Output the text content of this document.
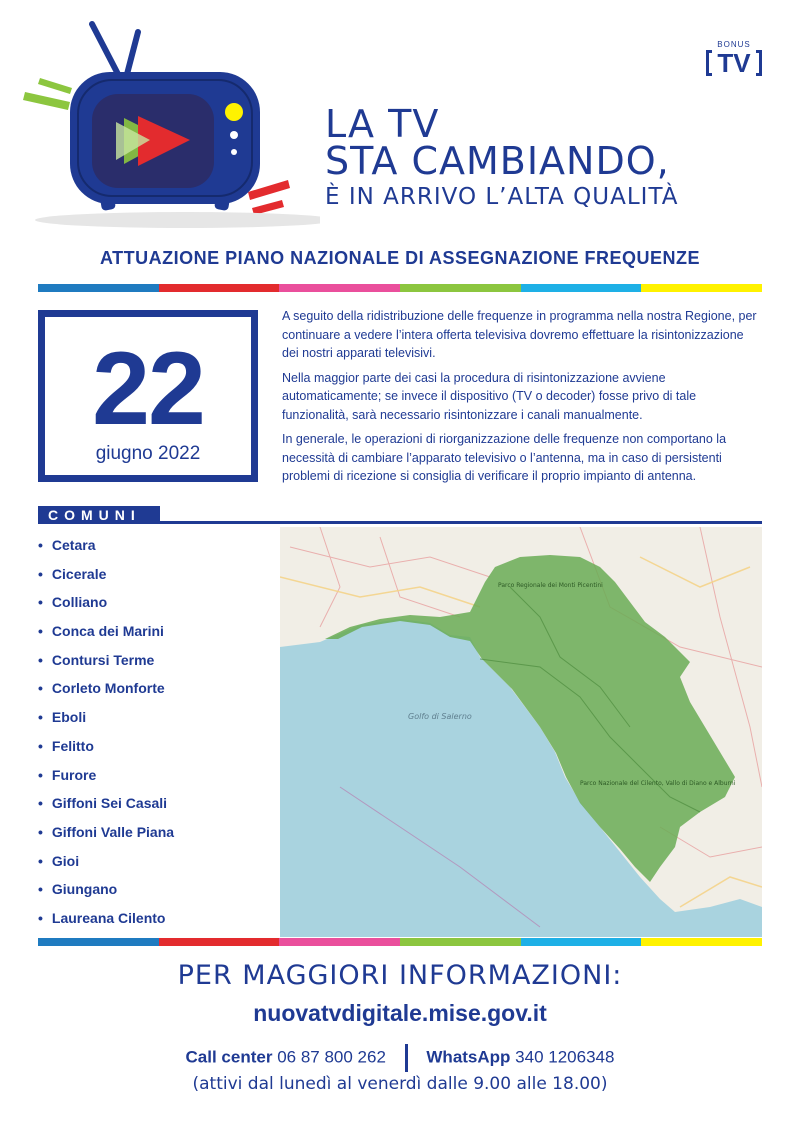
BONUS
TV
LA TV
STA CAMBIANDO,
È IN ARRIVO L’ALTA QUALITÀ
ATTUAZIONE PIANO NAZIONALE DI ASSEGNAZIONE FREQUENZE
22
giugno 2022

A seguito della ridistribuzione delle frequenze in programma nella nostra Regione, per continuare a vedere l’intera offerta televisiva dovremo effettuare la risintonizzazione dei nostri apparati televisivi.

Nella maggior parte dei casi la procedura di risintonizzazione avviene automaticamente; se invece il dispositivo (TV o decoder) fosse privo di tale funzionalità, sarà necessario risintonizzare i canali manualmente.

In generale, le operazioni di riorganizzazione delle frequenze non comportano la necessità di cambiare l’apparato televisivo o l’antenna, ma in caso di persistenti problemi di ricezione si consiglia di verificare il proprio impianto di antenna.

COMUNI
• Cetara
• Cicerale
• Colliano
• Conca dei Marini
• Contursi Terme
• Corleto Monforte
• Eboli
• Felitto
• Furore
• Giffoni Sei Casali
• Giffoni Valle Piana
• Gioi
• Giungano
• Laureana Cilento
Golfo di Salerno
Parco Regionale dei Monti Picentini
Parco Nazionale del Cilento, Vallo di Diano e Alburni
PER MAGGIORI INFORMAZIONI:
nuovatvdigitale.mise.gov.it
Call center 06 87 800 262 WhatsApp 340 1206348
(attivi dal lunedì al venerdì dalle 9.00 alle 18.00)
